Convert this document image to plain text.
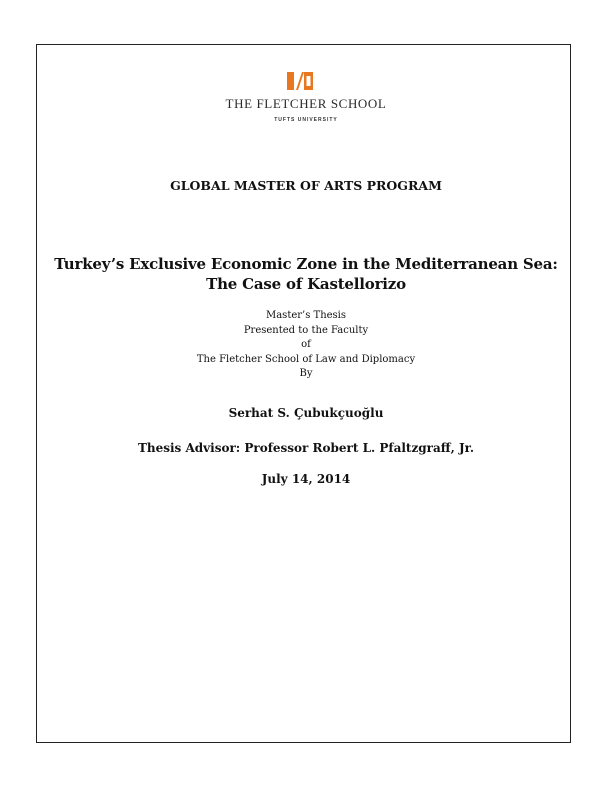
THE FLETCHER SCHOOL
TUFTS UNIVERSITY
GLOBAL MASTER OF ARTS PROGRAM
Turkey’s Exclusive Economic Zone in the Mediterranean Sea:
The Case of Kastellorizo
Master’s Thesis
Presented to the Faculty
of
The Fletcher School of Law and Diplomacy
By
Serhat S. Çubukçuoğlu
Thesis Advisor: Professor Robert L. Pfaltzgraff, Jr.
July 14, 2014
